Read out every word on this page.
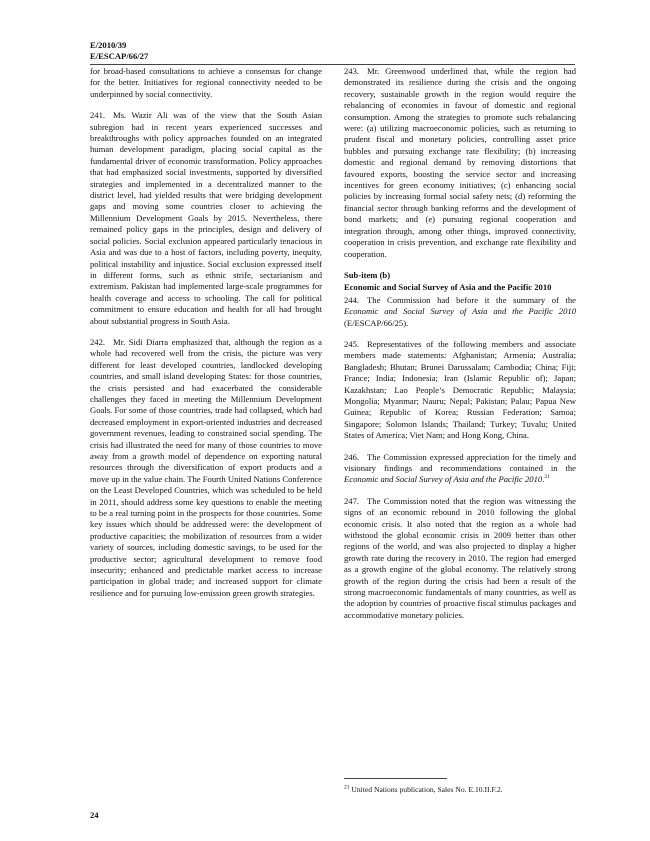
E/2010/39
E/ESCAP/66/27

for broad-based consultations to achieve a consensus for change for the better. Initiatives for regional connectivity needed to be underpinned by social connectivity.

241. Ms. Wazir Ali was of the view that the South Asian subregion had in recent years experienced successes and breakthroughs with policy approaches founded on an integrated human development paradigm, placing social capital as the fundamental driver of economic transformation. Policy approaches that had emphasized social investments, supported by diversified strategies and implemented in a decentralized manner to the district level, had yielded results that were bridging development gaps and moving some countries closer to achieving the Millennium Development Goals by 2015. Nevertheless, there remained policy gaps in the principles, design and delivery of social policies. Social exclusion appeared particularly tenacious in Asia and was due to a host of factors, including poverty, inequity, political instability and injustice. Social exclusion expressed itself in different forms, such as ethnic strife, sectarianism and extremism. Pakistan had implemented large-scale programmes for health coverage and access to schooling. The call for political commitment to ensure education and health for all had brought about substantial progress in South Asia.

242. Mr. Sidi Diarra emphasized that, although the region as a whole had recovered well from the crisis, the picture was very different for least developed countries, landlocked developing countries, and small island developing States: for those countries, the crisis persisted and had exacerbated the considerable challenges they faced in meeting the Millennium Development Goals. For some of those countries, trade had collapsed, which had decreased employment in export-oriented industries and decreased government revenues, leading to constrained social spending. The crisis had illustrated the need for many of those countries to move away from a growth model of dependence on exporting natural resources through the diversification of export products and a move up in the value chain. The Fourth United Nations Conference on the Least Developed Countries, which was scheduled to be held in 2011, should address some key questions to enable the meeting to be a real turning point in the prospects for those countries. Some key issues which should be addressed were: the development of productive capacities; the mobilization of resources from a wider variety of sources, including domestic savings, to be used for the productive sector; agricultural development to remove food insecurity; enhanced and predictable market access to increase participation in global trade; and increased support for climate resilience and for pursuing low-emission green growth strategies.

243. Mr. Greenwood underlined that, while the region had demonstrated its resilience during the crisis and the ongoing recovery, sustainable growth in the region would require the rebalancing of economies in favour of domestic and regional consumption. Among the strategies to promote such rebalancing were: (a) utilizing macroeconomic policies, such as returning to prudent fiscal and monetary policies, controlling asset price bubbles and pursuing exchange rate flexibility; (b) increasing domestic and regional demand by removing distortions that favoured exports, boosting the service sector and increasing incentives for green economy initiatives; (c) enhancing social policies by increasing formal social safety nets; (d) reforming the financial sector through banking reforms and the development of bond markets; and (e) pursuing regional cooperation and integration through, among other things, improved connectivity, cooperation in crisis prevention, and exchange rate flexibility and cooperation.

Sub-item (b)
Economic and Social Survey of Asia and the Pacific 2010

244. The Commission had before it the summary of the Economic and Social Survey of Asia and the Pacific 2010 (E/ESCAP/66/25).

245. Representatives of the following members and associate members made statements: Afghanistan; Armenia; Australia; Bangladesh; Bhutan; Brunei Darussalam; Cambodia; China; Fiji; France; India; Indonesia; Iran (Islamic Republic of); Japan; Kazakhstan; Lao People’s Democratic Republic; Malaysia; Mongolia; Myanmar; Nauru; Nepal; Pakistan; Palau; Papua New Guinea; Republic of Korea; Russian Federation; Samoa; Singapore; Solomon Islands; Thailand; Turkey; Tuvalu; United States of America; Viet Nam; and Hong Kong, China.

246. The Commission expressed appreciation for the timely and visionary findings and recommendations contained in the Economic and Social Survey of Asia and the Pacific 2010.21

247. The Commission noted that the region was witnessing the signs of an economic rebound in 2010 following the global economic crisis. It also noted that the region as a whole had withstood the global economic crisis in 2009 better than other regions of the world, and was also projected to display a higher growth rate during the recovery in 2010. The region had emerged as a growth engine of the global economy. The relatively strong growth of the region during the crisis had been a result of the strong macroeconomic fundamentals of many countries, as well as the adoption by countries of proactive fiscal stimulus packages and accommodative monetary policies.

$^{21}$ United Nations publication, Sales No. E.10.II.F.2.
24
